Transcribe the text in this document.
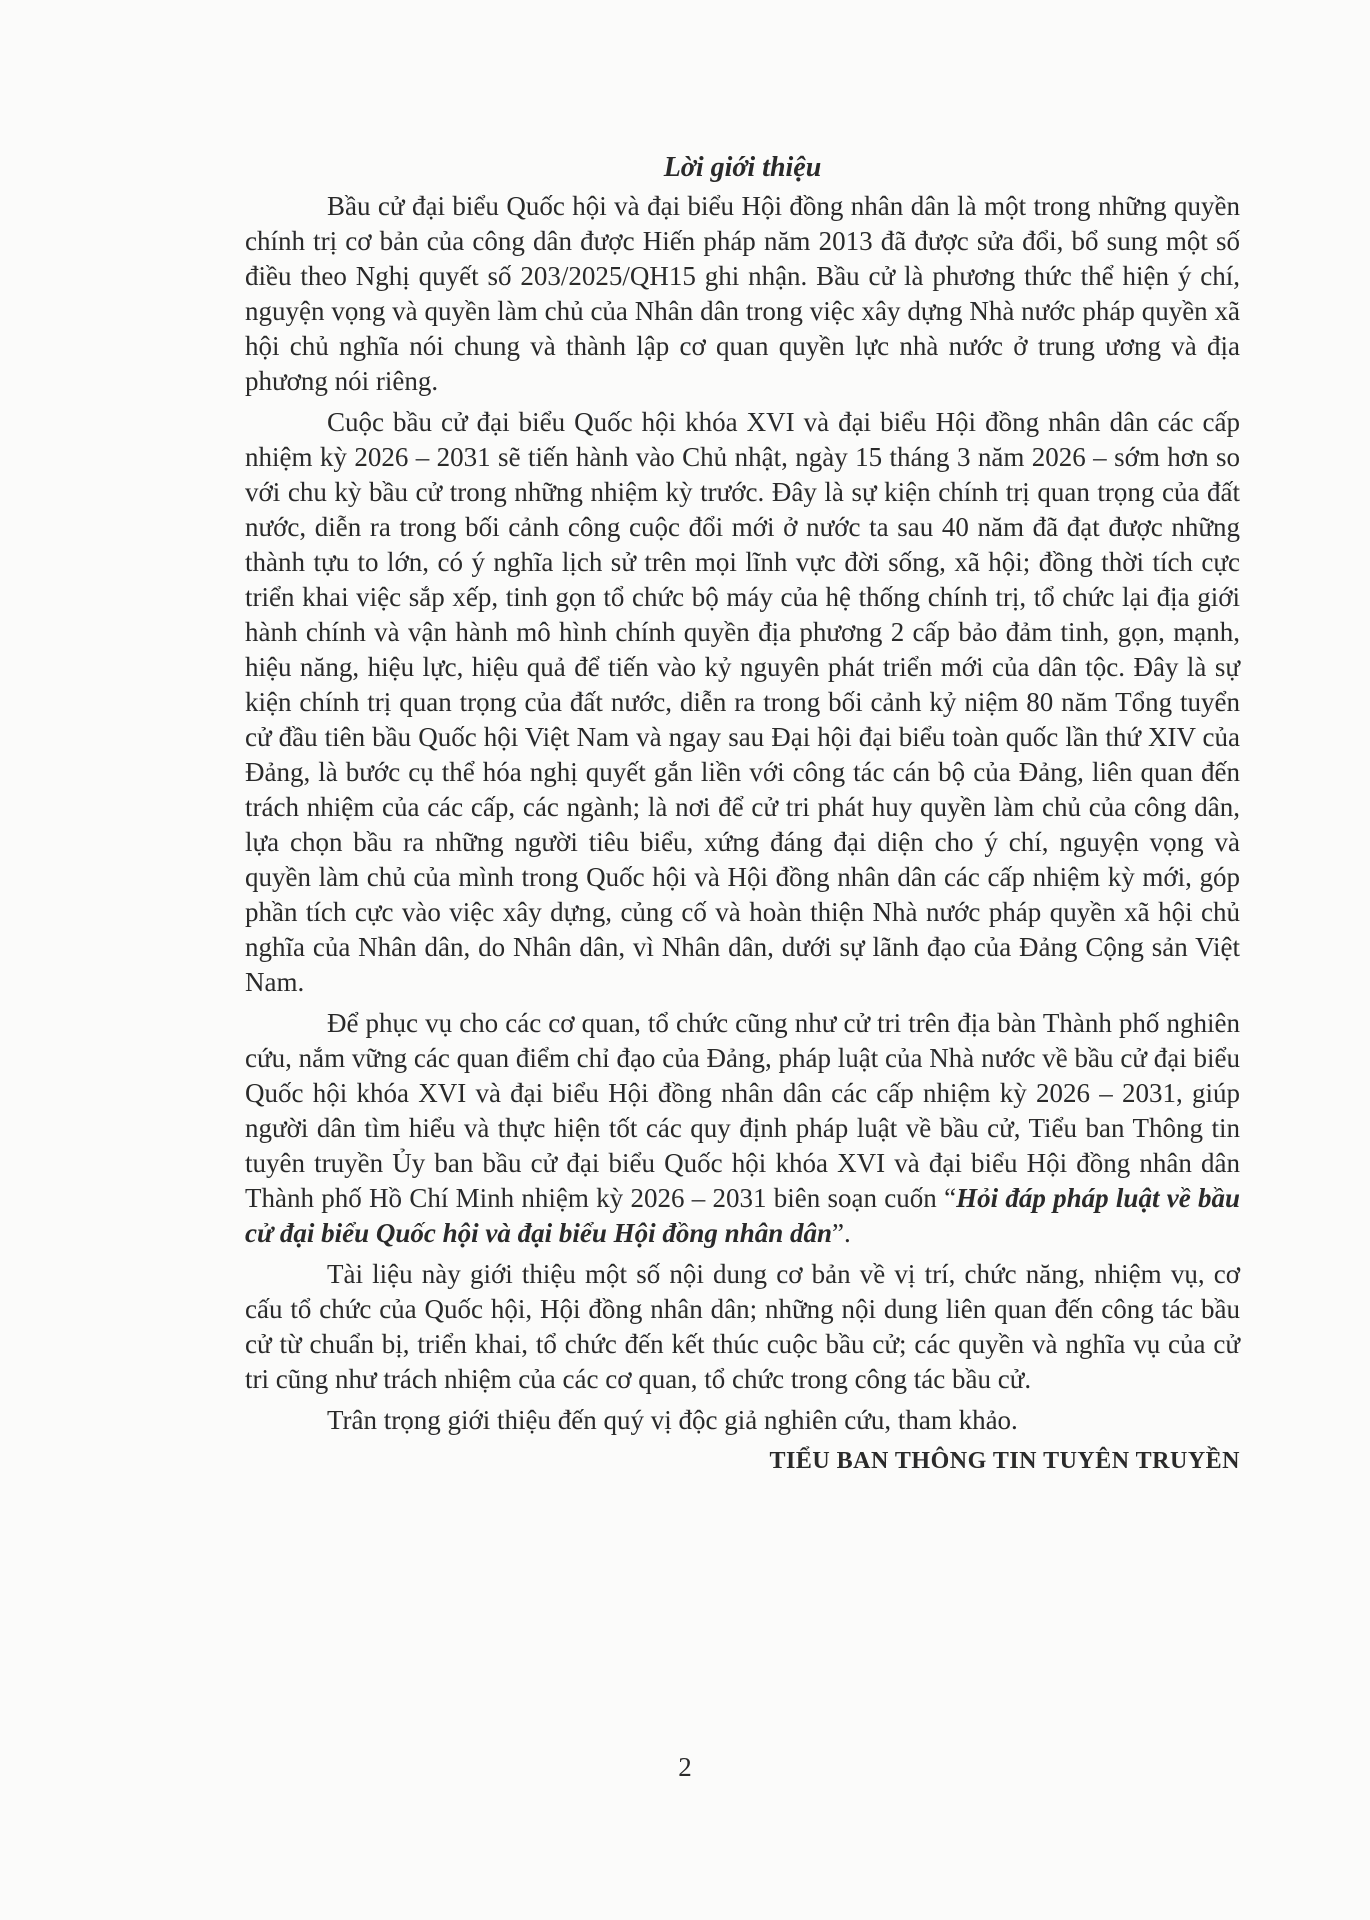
Lời giới thiệu

Bầu cử đại biểu Quốc hội và đại biểu Hội đồng nhân dân là một trong những quyền chính trị cơ bản của công dân được Hiến pháp năm 2013 đã được sửa đổi, bổ sung một số điều theo Nghị quyết số 203/2025/QH15 ghi nhận. Bầu cử là phương thức thể hiện ý chí, nguyện vọng và quyền làm chủ của Nhân dân trong việc xây dựng Nhà nước pháp quyền xã hội chủ nghĩa nói chung và thành lập cơ quan quyền lực nhà nước ở trung ương và địa phương nói riêng.

Cuộc bầu cử đại biểu Quốc hội khóa XVI và đại biểu Hội đồng nhân dân các cấp nhiệm kỳ 2026 – 2031 sẽ tiến hành vào Chủ nhật, ngày 15 tháng 3 năm 2026 – sớm hơn so với chu kỳ bầu cử trong những nhiệm kỳ trước. Đây là sự kiện chính trị quan trọng của đất nước, diễn ra trong bối cảnh công cuộc đổi mới ở nước ta sau 40 năm đã đạt được những thành tựu to lớn, có ý nghĩa lịch sử trên mọi lĩnh vực đời sống, xã hội; đồng thời tích cực triển khai việc sắp xếp, tinh gọn tổ chức bộ máy của hệ thống chính trị, tổ chức lại địa giới hành chính và vận hành mô hình chính quyền địa phương 2 cấp bảo đảm tinh, gọn, mạnh, hiệu năng, hiệu lực, hiệu quả để tiến vào kỷ nguyên phát triển mới của dân tộc. Đây là sự kiện chính trị quan trọng của đất nước, diễn ra trong bối cảnh kỷ niệm 80 năm Tổng tuyển cử đầu tiên bầu Quốc hội Việt Nam và ngay sau Đại hội đại biểu toàn quốc lần thứ XIV của Đảng, là bước cụ thể hóa nghị quyết gắn liền với công tác cán bộ của Đảng, liên quan đến trách nhiệm của các cấp, các ngành; là nơi để cử tri phát huy quyền làm chủ của công dân, lựa chọn bầu ra những người tiêu biểu, xứng đáng đại diện cho ý chí, nguyện vọng và quyền làm chủ của mình trong Quốc hội và Hội đồng nhân dân các cấp nhiệm kỳ mới, góp phần tích cực vào việc xây dựng, củng cố và hoàn thiện Nhà nước pháp quyền xã hội chủ nghĩa của Nhân dân, do Nhân dân, vì Nhân dân, dưới sự lãnh đạo của Đảng Cộng sản Việt Nam.

Để phục vụ cho các cơ quan, tổ chức cũng như cử tri trên địa bàn Thành phố nghiên cứu, nắm vững các quan điểm chỉ đạo của Đảng, pháp luật của Nhà nước về bầu cử đại biểu Quốc hội khóa XVI và đại biểu Hội đồng nhân dân các cấp nhiệm kỳ 2026 – 2031, giúp người dân tìm hiểu và thực hiện tốt các quy định pháp luật về bầu cử, Tiểu ban Thông tin tuyên truyền Ủy ban bầu cử đại biểu Quốc hội khóa XVI và đại biểu Hội đồng nhân dân Thành phố Hồ Chí Minh nhiệm kỳ 2026 – 2031 biên soạn cuốn “Hỏi đáp pháp luật về bầu cử đại biểu Quốc hội và đại biểu Hội đồng nhân dân”.

Tài liệu này giới thiệu một số nội dung cơ bản về vị trí, chức năng, nhiệm vụ, cơ cấu tổ chức của Quốc hội, Hội đồng nhân dân; những nội dung liên quan đến công tác bầu cử từ chuẩn bị, triển khai, tổ chức đến kết thúc cuộc bầu cử; các quyền và nghĩa vụ của cử tri cũng như trách nhiệm của các cơ quan, tổ chức trong công tác bầu cử.

Trân trọng giới thiệu đến quý vị độc giả nghiên cứu, tham khảo.

TIỂU BAN THÔNG TIN TUYÊN TRUYỀN

2
